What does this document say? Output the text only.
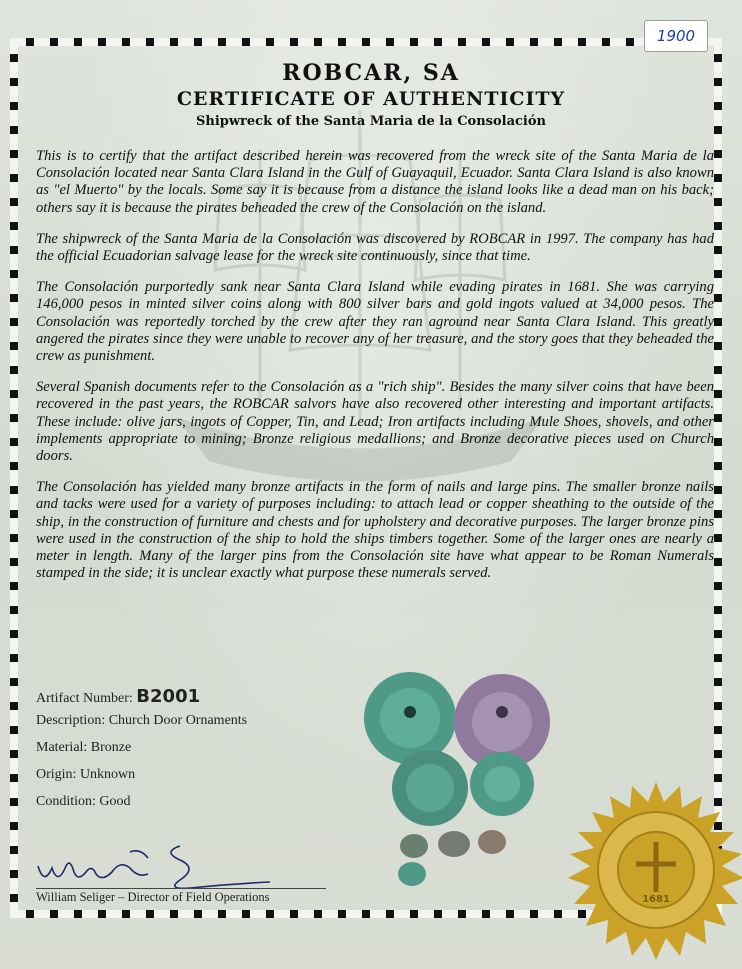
1900
ROBCAR, SA
CERTIFICATE OF AUTHENTICITY
Shipwreck of the Santa Maria de la Consolación

This is to certify that the artifact described herein was recovered from the wreck site of the Santa Maria de la Consolación located near Santa Clara Island in the Gulf of Guayaquil, Ecuador. Santa Clara Island is also known as "el Muerto" by the locals. Some say it is because from a distance the island looks like a dead man on his back; others say it is because the pirates beheaded the crew of the Consolación on the island.

The shipwreck of the Santa Maria de la Consolación was discovered by ROBCAR in 1997. The company has had the official Ecuadorian salvage lease for the wreck site continuously, since that time.

The Consolación purportedly sank near Santa Clara Island while evading pirates in 1681. She was carrying 146,000 pesos in minted silver coins along with 800 silver bars and gold ingots valued at 34,000 pesos. The Consolación was reportedly torched by the crew after they ran aground near Santa Clara Island. This greatly angered the pirates since they were unable to recover any of her treasure, and the story goes that they beheaded the crew as punishment.

Several Spanish documents refer to the Consolación as a "rich ship". Besides the many silver coins that have been recovered in the past years, the ROBCAR salvors have also recovered other interesting and important artifacts. These include: olive jars, ingots of Copper, Tin, and Lead; Iron artifacts including Mule Shoes, shovels, and other implements appropriate to mining; Bronze religious medallions; and Bronze decorative pieces used on Church doors.

The Consolación has yielded many bronze artifacts in the form of nails and large pins. The smaller bronze nails and tacks were used for a variety of purposes including: to attach lead or copper sheathing to the outside of the ship, in the construction of furniture and chests and for upholstery and decorative purposes. The larger bronze pins were used in the construction of the ship to hold the ships timbers together. Some of the larger ones are nearly a meter in length. Many of the larger pins from the Consolación site have what appear to be Roman Numerals stamped in the side; it is unclear exactly what purpose these numerals served.

Artifact Number: B2001
Description: Church Door Ornaments
Material: Bronze
Origin: Unknown
Condition: Good
William Seliger – Director of Field Operations	1681
